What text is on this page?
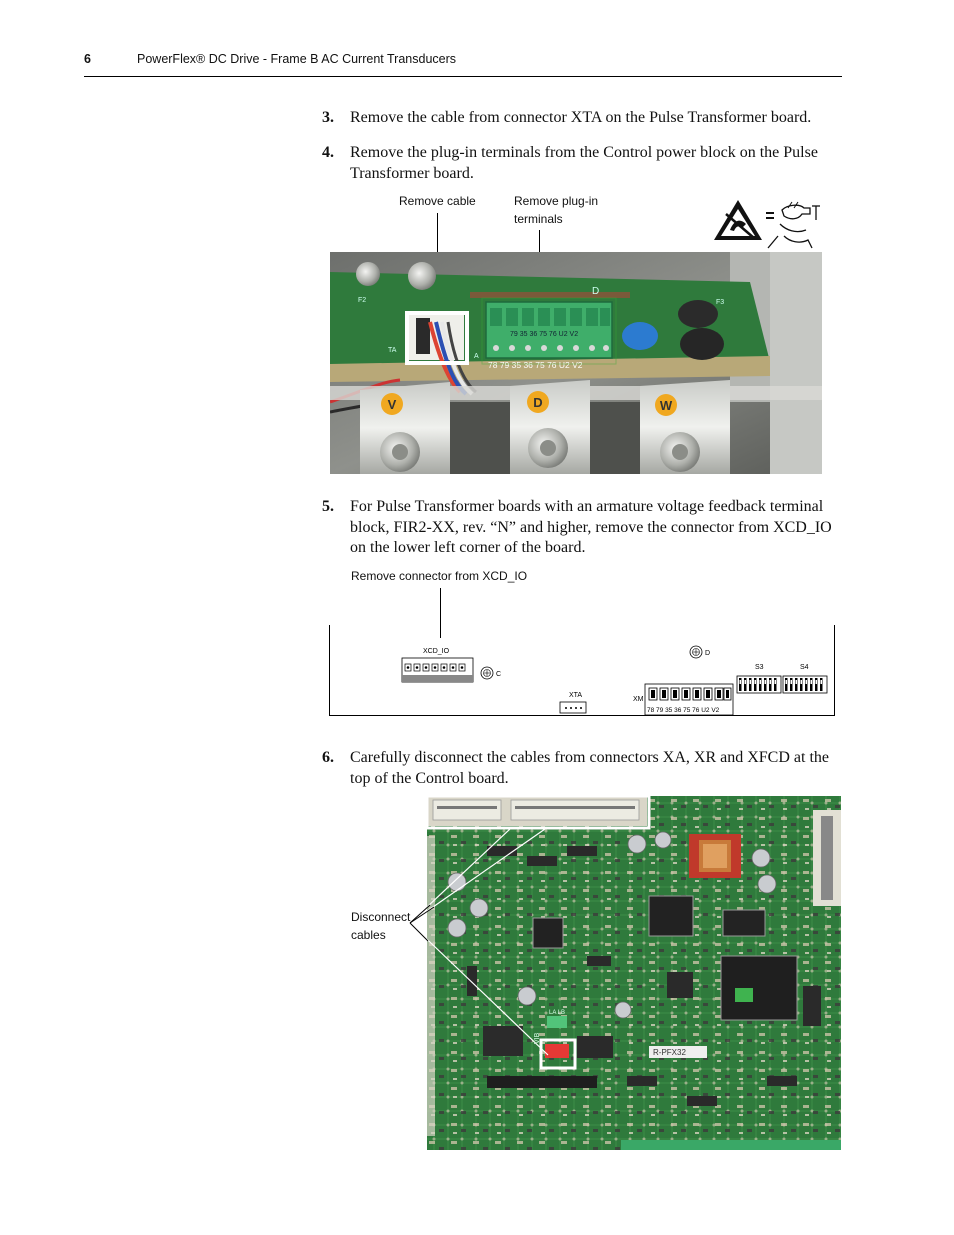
6	PowerFlex® DC Drive - Frame B AC Current Transducers
3. Remove the cable from connector XTA on the Pulse Transformer board.
4. Remove the plug-in terminals from the Control power block on the Pulse Transformer board.
Remove cable	Remove plug-in
terminals
79 35 36 75 76 U2 V2
78 79 35 36 75 76 U2 V2
D
F2	F3
TA
A
V	D	W
5. For Pulse Transformer boards with an armature voltage feedback terminal block, FIR2-XX, rev. “N” and higher, remove the connector from XCD_IO on the lower left corner of the board.
Remove connector from XCD_IO
XCD_IO
C
D
XTA
XM
78 79 35 36 75 76 U2 V2
S3	S4
6. Carefully disconnect the cables from connectors XA, XR and XFCD at the top of the Control board.
Disconnect
cables
R-PFX32
LA LB
VIB
